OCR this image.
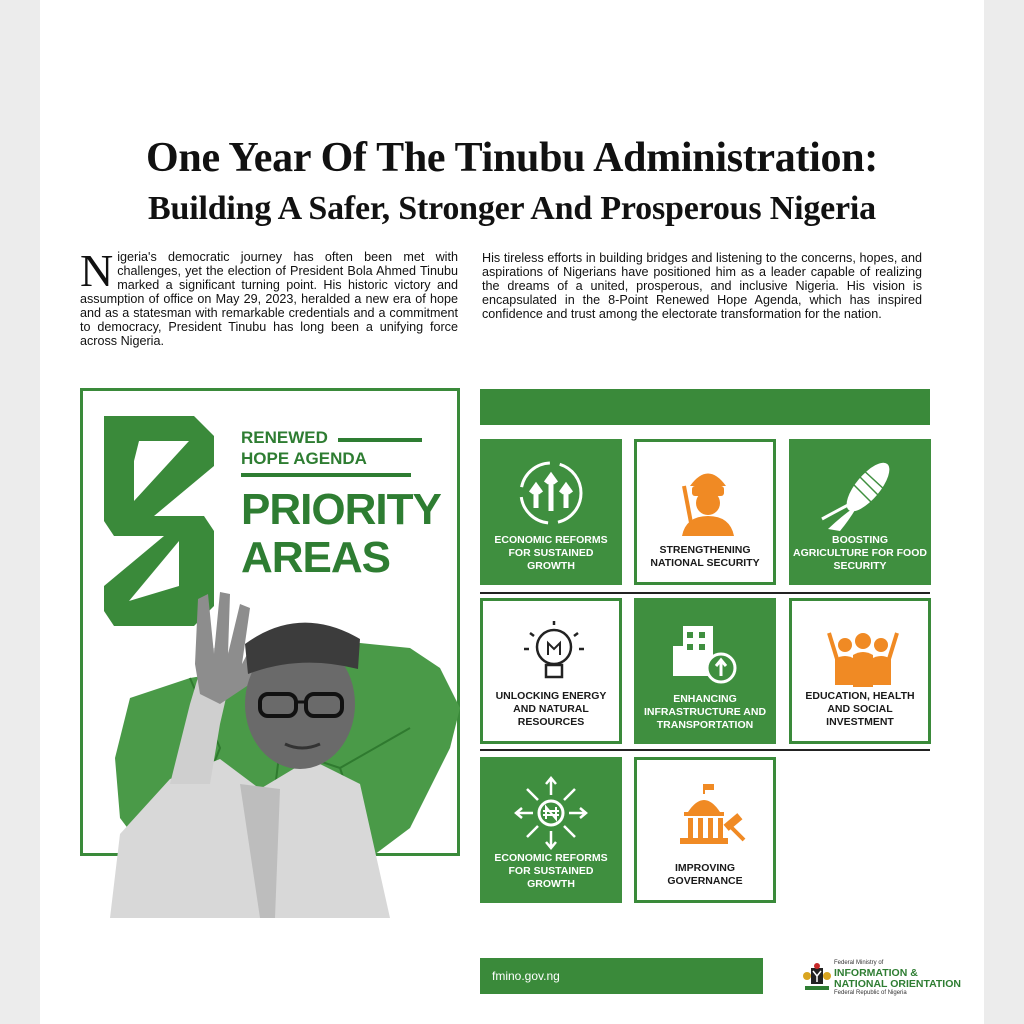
One Year Of The Tinubu Administration:
Building A Safer, Stronger And Prosperous Nigeria
Nigeria's democratic journey has often been met with challenges, yet the election of President Bola Ahmed Tinubu marked a significant turning point. His historic victory and assumption of office on May 29, 2023, heralded a new era of hope and as a statesman with remarkable credentials and a commitment to democracy, President Tinubu has long been a unifying force across Nigeria.
His tireless efforts in building bridges and listening to the concerns, hopes, and aspirations of Nigerians have positioned him as a leader capable of realizing the dreams of a united, prosperous, and inclusive Nigeria. His vision is encapsulated in the 8-Point Renewed Hope Agenda, which has inspired confidence and trust among the electorate transformation for the nation.
RENEWED
HOPE AGENDA
PRIORITY
AREAS	ECONOMIC REFORMS FOR SUSTAINED GROWTH
STRENGTHENING NATIONAL SECURITY
BOOSTING AGRICULTURE FOR FOOD SECURITY
UNLOCKING ENERGY AND NATURAL RESOURCES
ENHANCING INFRASTRUCTURE AND TRANSPORTATION
EDUCATION, HEALTH AND SOCIAL INVESTMENT
ECONOMIC REFORMS FOR SUSTAINED GROWTH
IMPROVING GOVERNANCE
fmino.gov.ng
Federal Ministry of
INFORMATION &
NATIONAL ORIENTATION
Federal Republic of Nigeria
